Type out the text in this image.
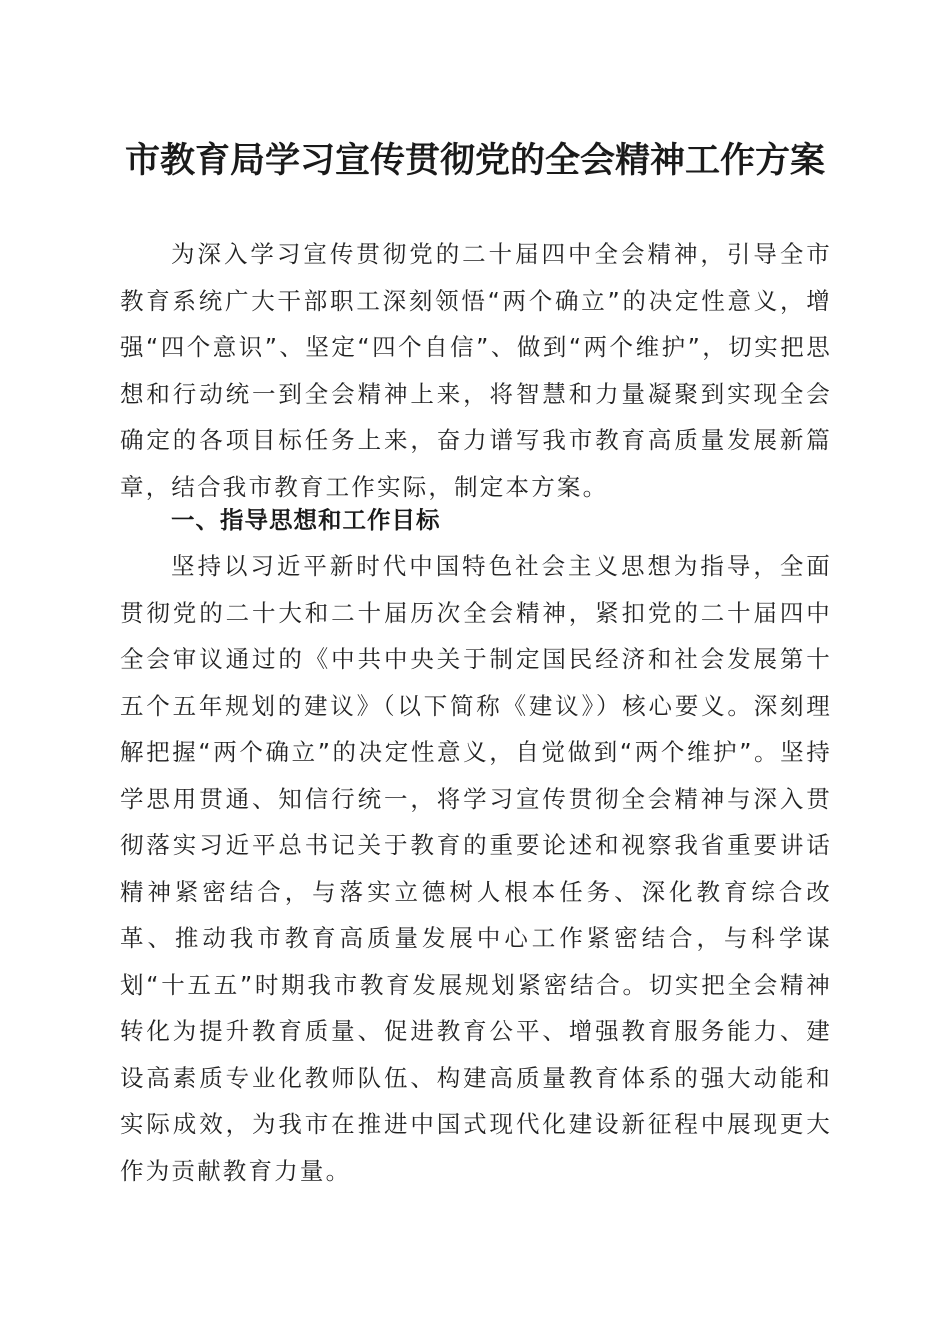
市教育局学习宣传贯彻党的全会精神工作方案

为深入学习宣传贯彻党的二十届四中全会精神，引导全市教育系统广大干部职工深刻领悟“两个确立”的决定性意义，增强“四个意识”、坚定“四个自信”、做到“两个维护”，切实把思想和行动统一到全会精神上来，将智慧和力量凝聚到实现全会确定的各项目标任务上来，奋力谱写我市教育高质量发展新篇章，结合我市教育工作实际，制定本方案。

一、指导思想和工作目标

坚持以习近平新时代中国特色社会主义思想为指导，全面贯彻党的二十大和二十届历次全会精神，紧扣党的二十届四中全会审议通过的《中共中央关于制定国民经济和社会发展第十五个五年规划的建议》（以下简称《建议》）核心要义。深刻理解把握“两个确立”的决定性意义，自觉做到“两个维护”。坚持学思用贯通、知信行统一，将学习宣传贯彻全会精神与深入贯彻落实习近平总书记关于教育的重要论述和视察我省重要讲话精神紧密结合，与落实立德树人根本任务、深化教育综合改革、推动我市教育高质量发展中心工作紧密结合，与科学谋划“十五五”时期我市教育发展规划紧密结合。切实把全会精神转化为提升教育质量、促进教育公平、增强教育服务能力、建设高素质专业化教师队伍、构建高质量教育体系的强大动能和实际成效，为我市在推进中国式现代化建设新征程中展现更大作为贡献教育力量。
